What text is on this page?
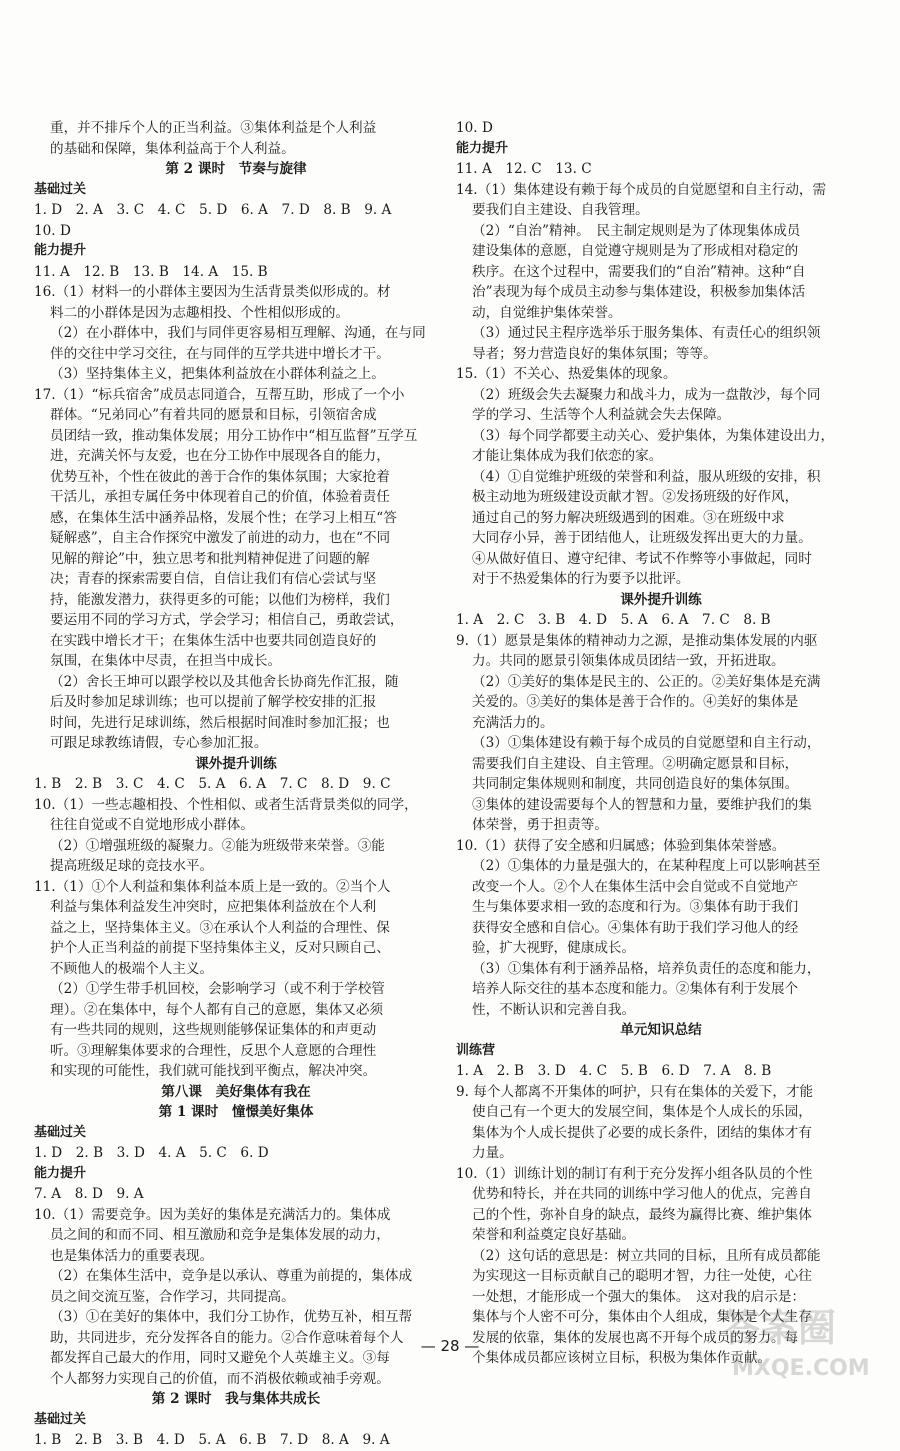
重，并不排斥个人的正当利益。③集体利益是个人利益
的基础和保障，集体利益高于个人利益。
第 2 课时　节奏与旋律
基础过关
1. D　2. A　3. C　4. C　5. D　6. A　7. D　8. B　9. A
10. D
能力提升
11. A　12. B　13. B　14. A　15. B
16.（1）材料一的小群体主要因为生活背景类似形成的。材
料二的小群体是因为志趣相投、个性相似形成的。
（2）在小群体中，我们与同伴更容易相互理解、沟通，在与同
伴的交往中学习交往，在与同伴的互学共进中增长才干。
（3）坚持集体主义，把集体利益放在小群体利益之上。
17.（1）“标兵宿舍”成员志同道合，互帮互助，形成了一个小
群体。“兄弟同心”有着共同的愿景和目标，引领宿舍成
员团结一致，推动集体发展；用分工协作中“相互监督”互学互
进，充满关怀与友爱，也在分工协作中展现各自的能力，
优势互补，个性在彼此的善于合作的集体氛围；大家抢着
干活儿，承担专属任务中体现着自己的价值，体验着责任
感，在集体生活中涵养品格，发展个性；在学习上相互“答
疑解惑”，自主合作探究中激发了前进的动力，也在“不同
见解的辩论”中，独立思考和批判精神促进了问题的解
决；青春的探索需要自信，自信让我们有信心尝试与坚
持，能激发潜力，获得更多的可能；以他们为榜样，我们
要运用不同的学习方式，学会学习；相信自己，勇敢尝试，
在实践中增长才干；在集体生活中也要共同创造良好的
氛围，在集体中尽责，在担当中成长。
（2）舍长王坤可以跟学校以及其他舍长协商先作汇报，随
后及时参加足球训练；也可以提前了解学校安排的汇报
时间，先进行足球训练，然后根据时间准时参加汇报；也
可跟足球教练请假，专心参加汇报。
课外提升训练
1. B　2. B　3. C　4. C　5. A　6. A　7. C　8. D　9. C
10.（1）一些志趣相投、个性相似、或者生活背景类似的同学，
往往自觉或不自觉地形成小群体。
（2）①增强班级的凝聚力。②能为班级带来荣誉。③能
提高班级足球的竞技水平。
11.（1）①个人利益和集体利益本质上是一致的。②当个人
利益与集体利益发生冲突时，应把集体利益放在个人利
益之上，坚持集体主义。③在承认个人利益的合理性、保
护个人正当利益的前提下坚持集体主义，反对只顾自己、
不顾他人的极端个人主义。
（2）①学生带手机回校，会影响学习（或不利于学校管
理）。②在集体中，每个人都有自己的意愿，集体又必须
有一些共同的规则，这些规则能够保证集体的和声更动
听。③理解集体要求的合理性，反思个人意愿的合理性
和实现的可能性，我们就可能找到平衡点，解决冲突。
第八课　美好集体有我在
第 1 课时　憧憬美好集体
基础过关
1. D　2. B　3. D　4. A　5. C　6. D
能力提升
7. A　8. D　9. A
10.（1）需要竞争。因为美好的集体是充满活力的。集体成
员之间的和而不同、相互激励和竞争是集体发展的动力，
也是集体活力的重要表现。
（2）在集体生活中，竞争是以承认、尊重为前提的，集体成
员之间交流互鉴，合作学习，共同提高。
（3）①在美好的集体中，我们分工协作，优势互补，相互帮
助，共同进步，充分发挥各自的能力。②合作意味着每个人
都发挥自己最大的作用，同时又避免个人英雄主义。③每
个人都努力实现自己的价值，而不消极依赖或袖手旁观。
第 2 课时　我与集体共成长
基础过关
1. B　2. B　3. B　4. D　5. A　6. B　7. D　8. A　9. A
10. D
能力提升
11. A　12. C　13. C
14.（1）集体建设有赖于每个成员的自觉愿望和自主行动，需
要我们自主建设、自我管理。
（2）“自治”精神。　民主制定规则是为了体现集体成员
建设集体的意愿，自觉遵守规则是为了形成相对稳定的
秩序。在这个过程中，需要我们的“自治”精神。这种“自
治”表现为每个成员主动参与集体建设，积极参加集体活
动，自觉维护集体荣誉。
（3）通过民主程序选举乐于服务集体、有责任心的组织领
导者；努力营造良好的集体氛围；等等。
15.（1）不关心、热爱集体的现象。
（2）班级会失去凝聚力和战斗力，成为一盘散沙，每个同
学的学习、生活等个人利益就会失去保障。
（3）每个同学都要主动关心、爱护集体，为集体建设出力，
才能让集体成为我们依恋的家。
（4）①自觉维护班级的荣誉和利益，服从班级的安排，积
极主动地为班级建设贡献才智。②发扬班级的好作风，
通过自己的努力解决班级遇到的困难。③在班级中求
大同存小异，善于团结他人，让班级发挥出更大的力量。
④从做好值日、遵守纪律、考试不作弊等小事做起，同时
对于不热爱集体的行为要予以批评。
课外提升训练
1. A　2. C　3. B　4. D　5. A　6. A　7. C　8. B
9.（1）愿景是集体的精神动力之源，是推动集体发展的内驱
力。共同的愿景引领集体成员团结一致，开拓进取。
（2）①美好的集体是民主的、公正的。②美好集体是充满
关爱的。③美好的集体是善于合作的。④美好的集体是
充满活力的。
（3）①集体建设有赖于每个成员的自觉愿望和自主行动，
需要我们自主建设、自主管理。②明确定愿景和目标，
共同制定集体规则和制度，共同创造良好的集体氛围。
③集体的建设需要每个人的智慧和力量，要维护我们的集
体荣誉，勇于担责等。
10.（1）获得了安全感和归属感；体验到集体荣誉感。
（2）①集体的力量是强大的，在某种程度上可以影响甚至
改变一个人。②个人在集体生活中会自觉或不自觉地产
生与集体要求相一致的态度和行为。③集体有助于我们
获得安全感和自信心。④集体有助于我们学习他人的经
验，扩大视野，健康成长。
（3）①集体有利于涵养品格，培养负责任的态度和能力，
培养人际交往的基本态度和能力。②集体有利于发展个
性，不断认识和完善自我。
单元知识总结
训练营
1. A　2. B　3. D　4. C　5. B　6. D　7. A　8. B
9. 每个人都离不开集体的呵护，只有在集体的关爱下，才能
使自己有一个更大的发展空间，集体是个人成长的乐园，
集体为个人成长提供了必要的成长条件，团结的集体才有
力量。
10.（1）训练计划的制订有利于充分发挥小组各队员的个性
优势和特长，并在共同的训练中学习他人的优点，完善自
己的个性，弥补自身的缺点，最终为赢得比赛、维护集体
荣誉和利益奠定良好基础。
（2）这句话的意思是：树立共同的目标，且所有成员都能
为实现这一目标贡献自己的聪明才智，力往一处使，心往
一处想，才能形成一个强大的集体。　这对我的启示是：
集体与个人密不可分，集体由个人组成，集体是个人生存
发展的依靠，集体的发展也离不开每个成员的努力。每
个集体成员都应该树立目标，积极为集体作贡献。
— 28 —	答案圈
MXQE.COM
